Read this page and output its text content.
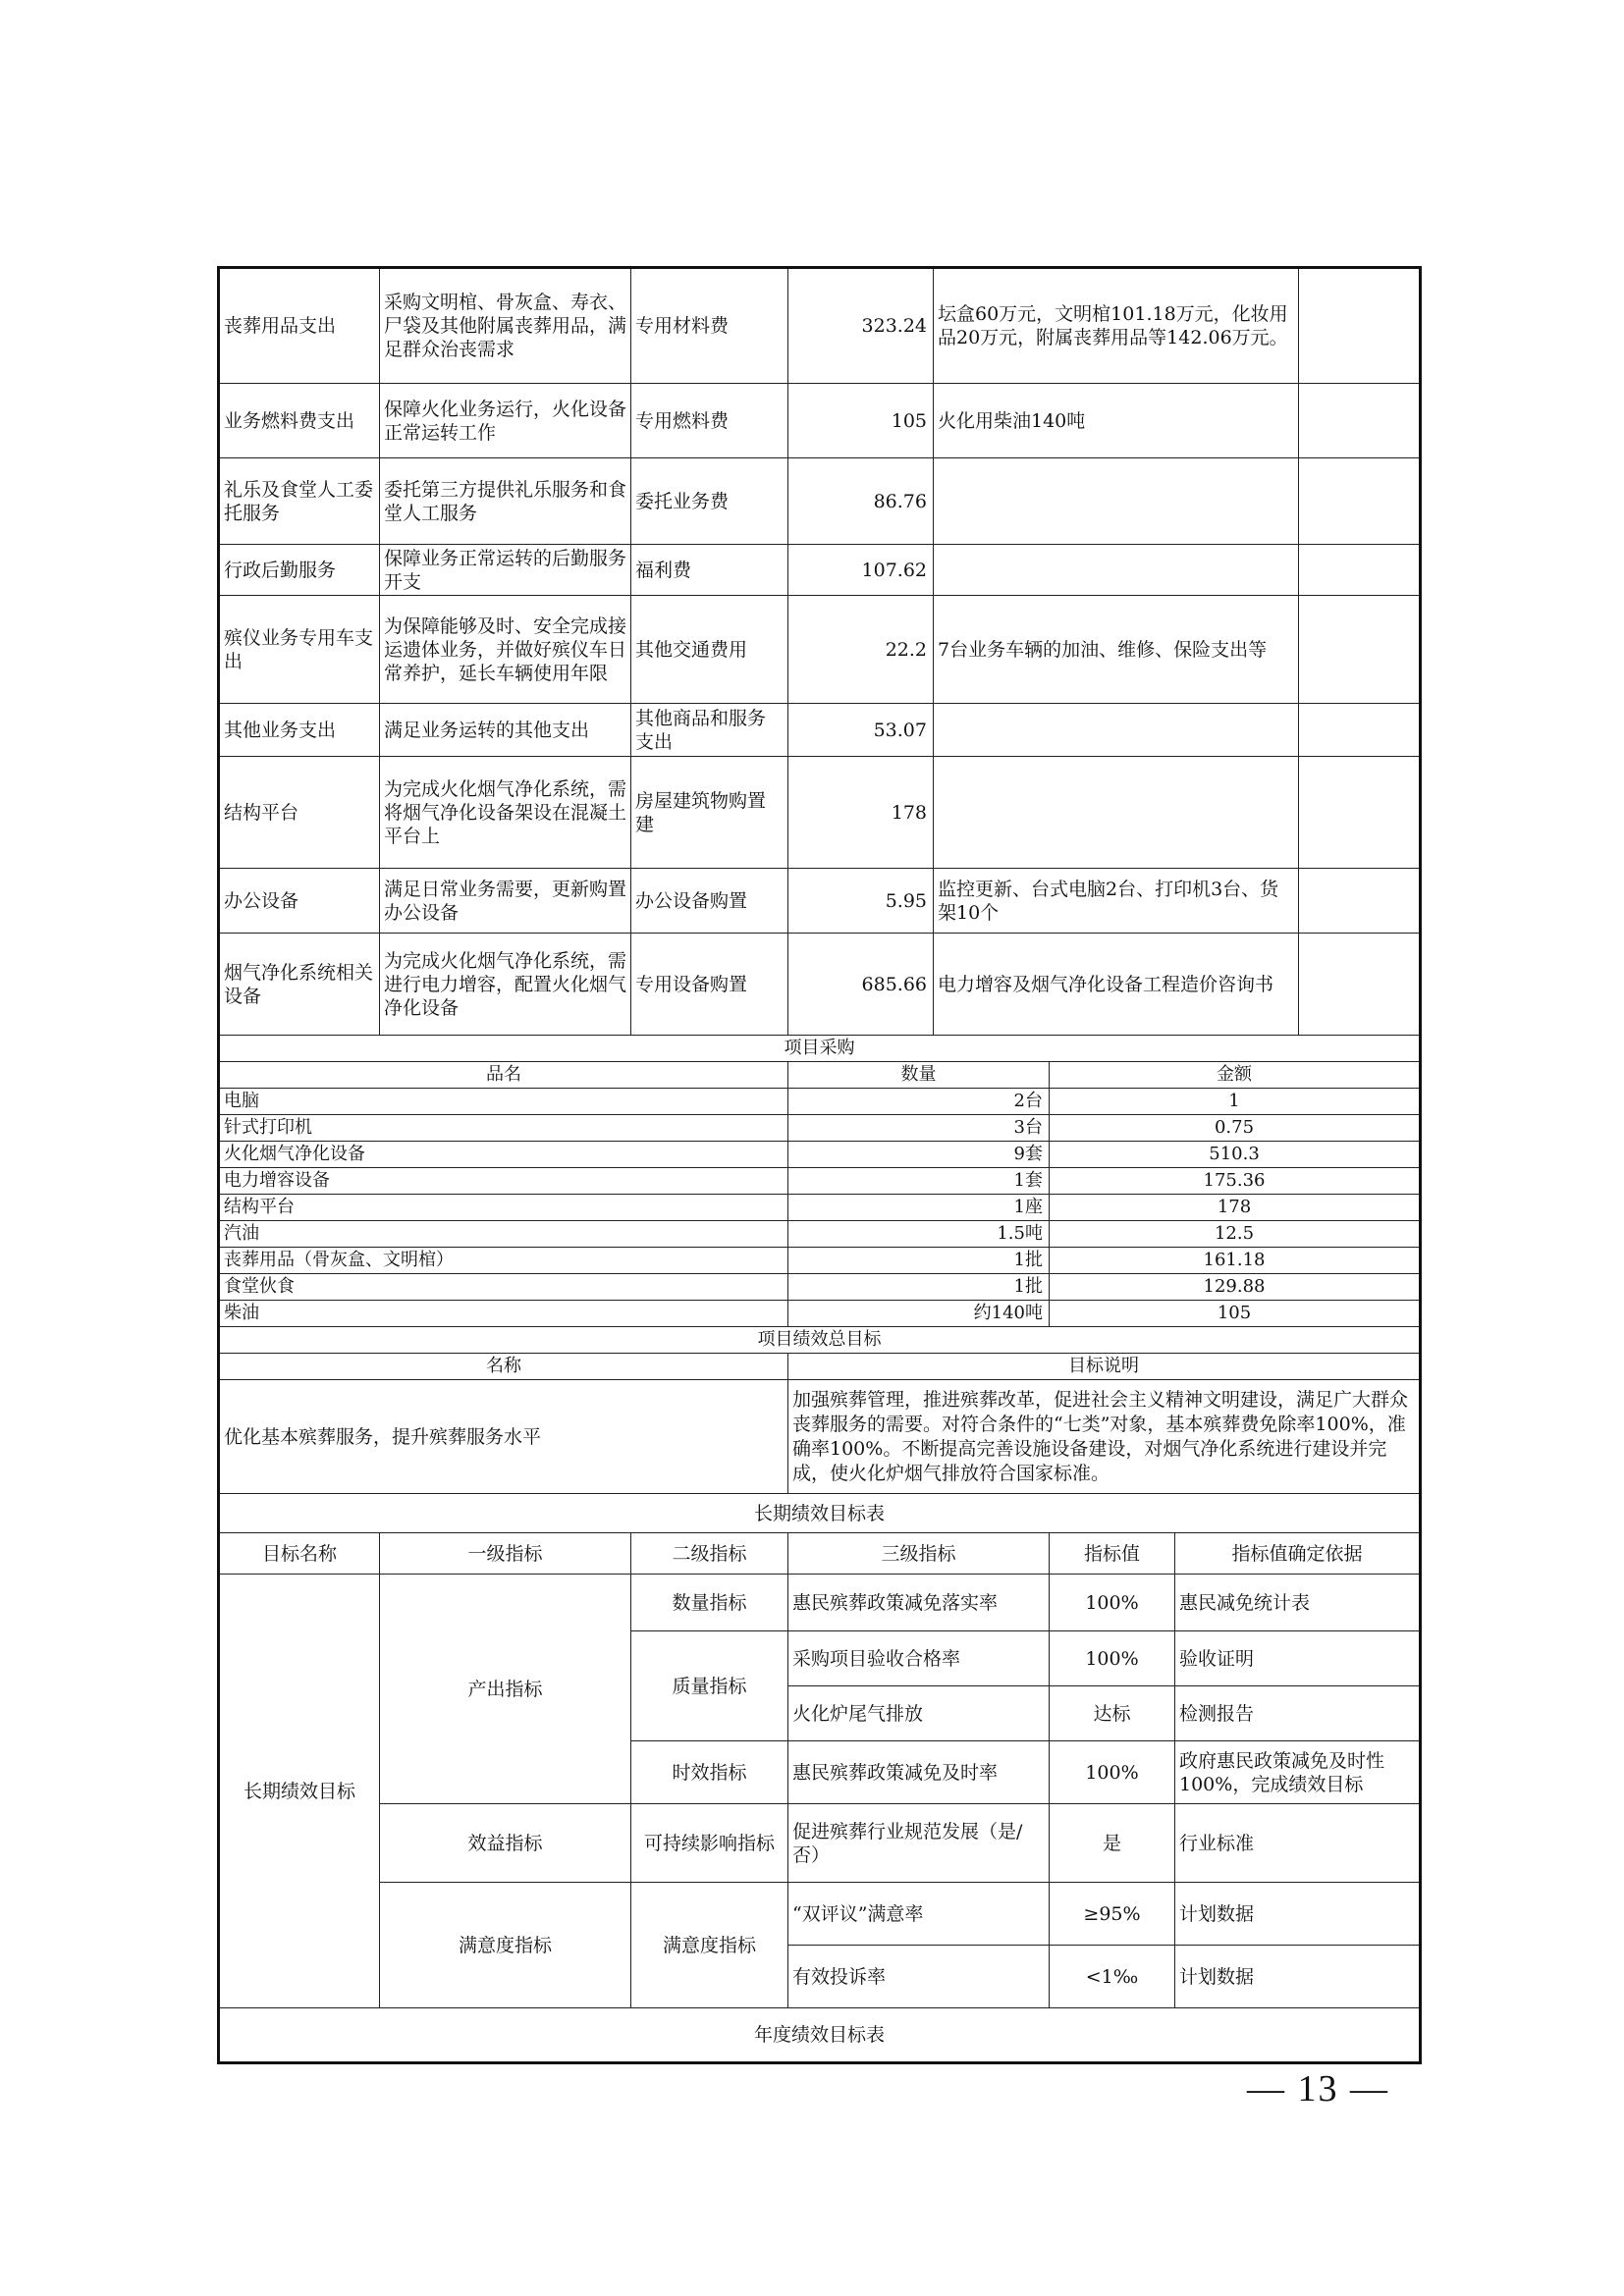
丧葬用品支出	采购文明棺、骨灰盒、寿衣、尸袋及其他附属丧葬用品，满足群众治丧需求	专用材料费	323.24	坛盒60万元，文明棺101.18万元，化妆用品20万元，附属丧葬用品等142.06万元。			
业务燃料费支出	保障火化业务运行，火化设备正常运转工作	专用燃料费	105	火化用柴油140吨			
礼乐及食堂人工委托服务	委托第三方提供礼乐服务和食堂人工服务	委托业务费	86.76				
行政后勤服务	保障业务正常运转的后勤服务开支	福利费	107.62				
殡仪业务专用车支出	为保障能够及时、安全完成接运遗体业务，并做好殡仪车日常养护，延长车辆使用年限	其他交通费用	22.2	7台业务车辆的加油、维修、保险支出等			
其他业务支出	满足业务运转的其他支出	其他商品和服务支出	53.07				
结构平台	为完成火化烟气净化系统，需将烟气净化设备架设在混凝土平台上	房屋建筑物购置建	178				
办公设备	满足日常业务需要，更新购置办公设备	办公设备购置	5.95	监控更新、台式电脑2台、打印机3台、货架10个			
烟气净化系统相关设备	为完成火化烟气净化系统，需进行电力增容，配置火化烟气净化设备	专用设备购置	685.66	电力增容及烟气净化设备工程造价咨询书			
项目采购							
品名			数量		金额		
电脑			2台		1		
针式打印机			3台		0.75		
火化烟气净化设备			9套		510.3		
电力增容设备			1套		175.36		
结构平台			1座		178		
汽油			1.5吨		12.5		
丧葬用品（骨灰盒、文明棺）			1批		161.18		
食堂伙食			1批		129.88		
柴油			约140吨		105		
项目绩效总目标							
名称			目标说明				
优化基本殡葬服务，提升殡葬服务水平			加强殡葬管理，推进殡葬改革，促进社会主义精神文明建设，满足广大群众丧葬服务的需要。对符合条件的“七类”对象，基本殡葬费免除率100%，准确率100%。不断提高完善设施设备建设，对烟气净化系统进行建设并完成，使火化炉烟气排放符合国家标准。				
长期绩效目标表							
目标名称	一级指标	二级指标	三级指标		指标值	指标值确定依据	
长期绩效目标	产出指标	数量指标	惠民殡葬政策减免落实率		100%	惠民减免统计表	
		质量指标	采购项目验收合格率		100%	验收证明	
			火化炉尾气排放		达标	检测报告	
		时效指标	惠民殡葬政策减免及时率		100%	政府惠民政策减免及时性100%，完成绩效目标	
	效益指标	可持续影响指标	促进殡葬行业规范发展（是/否）		是	行业标准	
	满意度指标	满意度指标	“双评议”满意率		≥95%	计划数据	
			有效投诉率		<1‰	计划数据	
年度绩效目标表							
— 13 —
